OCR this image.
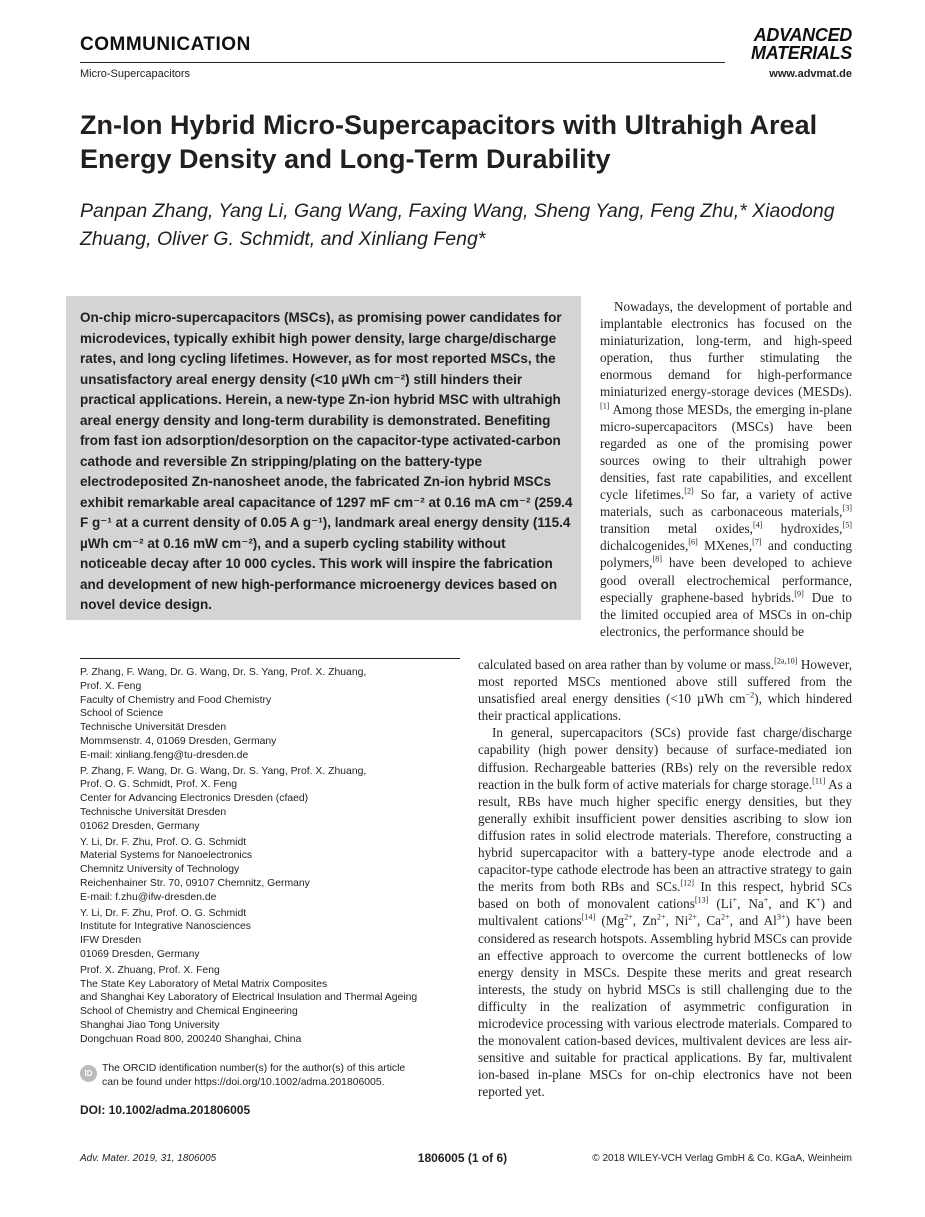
COMMUNICATION
Micro-Supercapacitors
ADVANCED
MATERIALS
www.advmat.de
Zn-Ion Hybrid Micro-Supercapacitors with Ultrahigh Areal Energy Density and Long-Term Durability
Panpan Zhang, Yang Li, Gang Wang, Faxing Wang, Sheng Yang, Feng Zhu,* Xiaodong Zhuang, Oliver G. Schmidt, and Xinliang Feng*
On-chip micro-supercapacitors (MSCs), as promising power candidates for microdevices, typically exhibit high power density, large charge/discharge rates, and long cycling lifetimes. However, as for most reported MSCs, the unsatisfactory areal energy density (<10 µWh cm⁻²) still hinders their practical applications. Herein, a new-type Zn-ion hybrid MSC with ultrahigh areal energy density and long-term durability is demonstrated. Benefiting from fast ion adsorption/desorption on the capacitor-type activated-carbon cathode and reversible Zn stripping/plating on the battery-type electrodeposited Zn-nanosheet anode, the fabricated Zn-ion hybrid MSCs exhibit remarkable areal capacitance of 1297 mF cm⁻² at 0.16 mA cm⁻² (259.4 F g⁻¹ at a current density of 0.05 A g⁻¹), landmark areal energy density (115.4 µWh cm⁻² at 0.16 mW cm⁻²), and a superb cycling stability without noticeable decay after 10 000 cycles. This work will inspire the fabrication and development of new high-performance microenergy devices based on novel device design.

Nowadays, the development of portable and implantable electronics has focused on the miniaturization, long-term, and high-speed operation, thus further stimulating the enormous demand for high-performance miniaturized energy-storage devices (MESDs).[1] Among those MESDs, the emerging in-plane micro-supercapacitors (MSCs) have been regarded as one of the promising power sources owing to their ultrahigh power densities, fast rate capabilities, and excellent cycle lifetimes.[2] So far, a variety of active materials, such as carbonaceous materials,[3] transition metal oxides,[4] hydroxides,[5] dichalcogenides,[6] MXenes,[7] and conducting polymers,[8] have been developed to achieve good overall electrochemical performance, especially graphene-based hybrids.[9] Due to the limited occupied area of MSCs in on-chip electronics, the performance should be

P. Zhang, F. Wang, Dr. G. Wang, Dr. S. Yang, Prof. X. Zhuang,
Prof. X. Feng
Faculty of Chemistry and Food Chemistry
School of Science
Technische Universität Dresden
Mommsenstr. 4, 01069 Dresden, Germany
E-mail: xinliang.feng@tu-dresden.de
P. Zhang, F. Wang, Dr. G. Wang, Dr. S. Yang, Prof. X. Zhuang,
Prof. O. G. Schmidt, Prof. X. Feng
Center for Advancing Electronics Dresden (cfaed)
Technische Universität Dresden
01062 Dresden, Germany
Y. Li, Dr. F. Zhu, Prof. O. G. Schmidt
Material Systems for Nanoelectronics
Chemnitz University of Technology
Reichenhainer Str. 70, 09107 Chemnitz, Germany
E-mail: f.zhu@ifw-dresden.de
Y. Li, Dr. F. Zhu, Prof. O. G. Schmidt
Institute for Integrative Nanosciences
IFW Dresden
01069 Dresden, Germany
Prof. X. Zhuang, Prof. X. Feng
The State Key Laboratory of Metal Matrix Composites
and Shanghai Key Laboratory of Electrical Insulation and Thermal Ageing
School of Chemistry and Chemical Engineering
Shanghai Jiao Tong University
Dongchuan Road 800, 200240 Shanghai, China
ID The ORCID identification number(s) for the author(s) of this article
can be found under https://doi.org/10.1002/adma.201806005.
DOI: 10.1002/adma.201806005

calculated based on area rather than by volume or mass.[2a,10] However, most reported MSCs mentioned above still suffered from the unsatisfied areal energy densities (<10 µWh $cm^{-2}$), which hindered their practical applications.

In general, supercapacitors (SCs) provide fast charge/discharge capability (high power density) because of surface-mediated ion diffusion. Rechargeable batteries (RBs) rely on the reversible redox reaction in the bulk form of active materials for charge storage.[11] As a result, RBs have much higher specific energy densities, but they generally exhibit insufficient power densities ascribing to slow ion diffusion rates in solid electrode materials. Therefore, constructing a hybrid supercapacitor with a battery-type anode electrode and a capacitor-type cathode electrode has been an attractive strategy to gain the merits from both RBs and SCs.[12] In this respect, hybrid SCs based on both of monovalent cations[13] (Li+, Na+, and K+) and multivalent cations[14] ($Mg^{2+}$, $Zn^{2+}$, $Ni^{2+}$, $Ca^{2+}$, and $Al^{3+}$) have been considered as research hotspots. Assembling hybrid MSCs can provide an effective approach to overcome the current bottlenecks of low energy density in MSCs. Despite these merits and great research interests, the study on hybrid MSCs is still challenging due to the difficulty in the realization of asymmetric configuration in microdevice processing with various electrode materials. Compared to the monovalent cation-based devices, multivalent devices are less air-sensitive and suitable for practical applications. By far, multivalent ion-based in-plane MSCs for on-chip electronics have not been reported yet.

Adv. Mater. 2019, 31, 1806005	1806005 (1 of 6)	© 2018 WILEY-VCH Verlag GmbH & Co. KGaA, Weinheim
